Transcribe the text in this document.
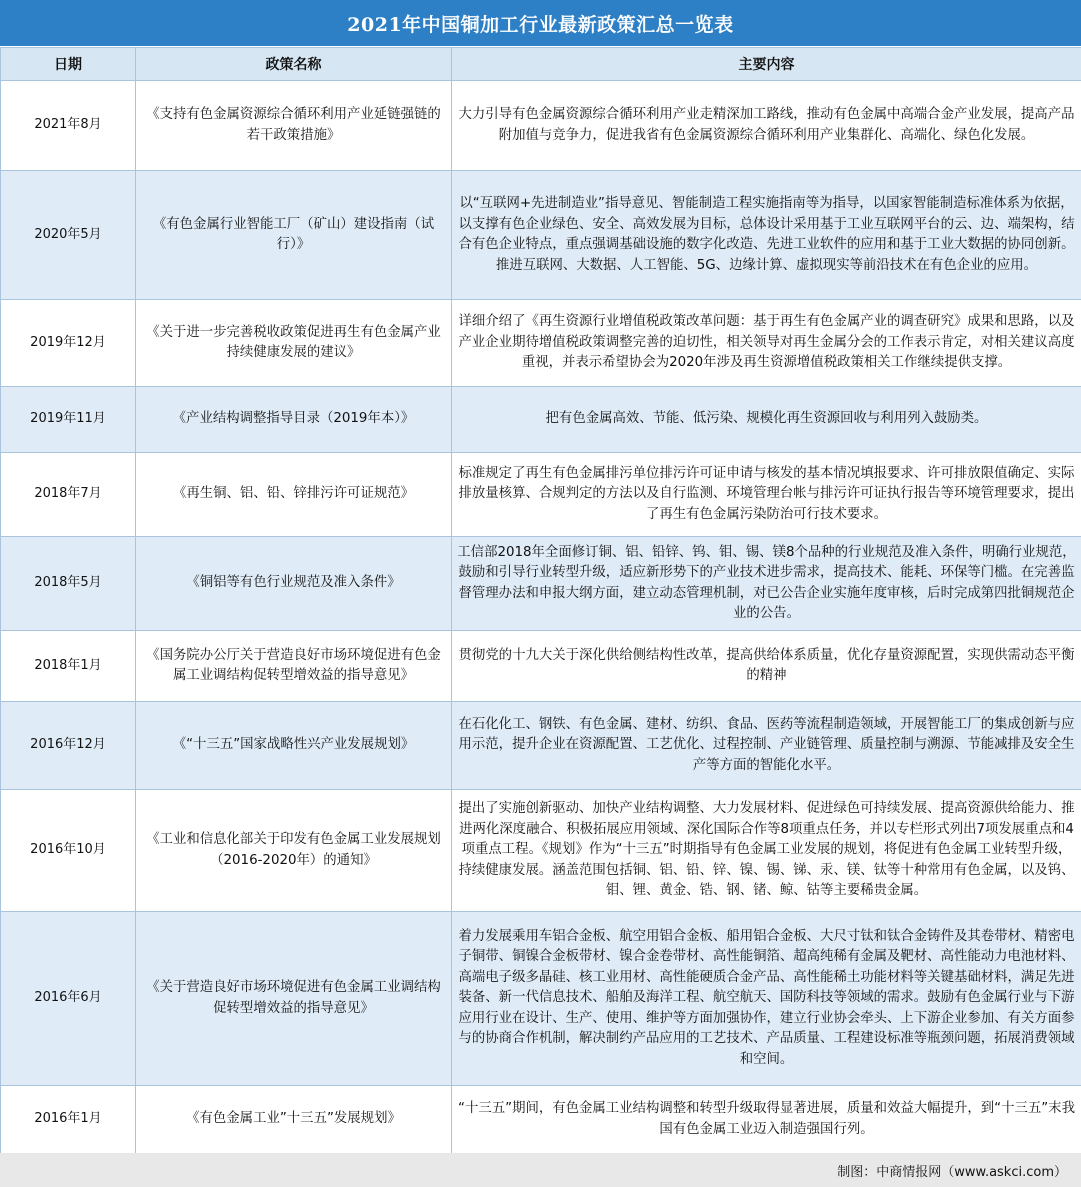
2021年中国铜加工行业最新政策汇总一览表
日期	政策名称	主要内容
2021年8月	《支持有色金属资源综合循环利用产业延链强链的若干政策措施》	大力引导有色金属资源综合循环利用产业走精深加工路线，推动有色金属中高端合金产业发展，提高产品附加值与竞争力，促进我省有色金属资源综合循环利用产业集群化、高端化、绿色化发展。
2020年5月	《有色金属行业智能工厂（矿山）建设指南（试行）》	以“互联网+先进制造业”指导意见、智能制造工程实施指南等为指导，以国家智能制造标准体系为依据，以支撑有色企业绿色、安全、高效发展为目标，总体设计采用基于工业互联网平台的云、边、端架构，结合有色企业特点，重点强调基础设施的数字化改造、先进工业软件的应用和基于工业大数据的协同创新。推进互联网、大数据、人工智能、5G、边缘计算、虚拟现实等前沿技术在有色企业的应用。
2019年12月	《关于进一步完善税收政策促进再生有色金属产业持续健康发展的建议》	详细介绍了《再生资源行业增值税政策改革问题：基于再生有色金属产业的调查研究》成果和思路，以及产业企业期待增值税政策调整完善的迫切性，相关领导对再生金属分会的工作表示肯定，对相关建议高度重视，并表示希望协会为2020年涉及再生资源增值税政策相关工作继续提供支撑。
2019年11月	《产业结构调整指导目录（2019年本）》	把有色金属高效、节能、低污染、规模化再生资源回收与利用列入鼓励类。
2018年7月	《再生铜、铝、铅、锌排污许可证规范》	标准规定了再生有色金属排污单位排污许可证申请与核发的基本情况填报要求、许可排放限值确定、实际排放量核算、合规判定的方法以及自行监测、环境管理台帐与排污许可证执行报告等环境管理要求，提出了再生有色金属污染防治可行技术要求。
2018年5月	《铜铝等有色行业规范及准入条件》	工信部2018年全面修订铜、铝、铅锌、钨、钼、锡、镁8个品种的行业规范及准入条件，明确行业规范，鼓励和引导行业转型升级，适应新形势下的产业技术进步需求，提高技术、能耗、环保等门槛。在完善监督管理办法和申报大纲方面，建立动态管理机制，对已公告企业实施年度审核，后时完成第四批铜规范企业的公告。
2018年1月	《国务院办公厅关于营造良好市场环境促进有色金属工业调结构促转型增效益的指导意见》	贯彻党的十九大关于深化供给侧结构性改革，提高供给体系质量，优化存量资源配置，实现供需动态平衡的精神
2016年12月	《“十三五”国家战略性兴产业发展规划》	在石化化工、钢铁、有色金属、建材、纺织、食品、医药等流程制造领域，开展智能工厂的集成创新与应用示范，提升企业在资源配置、工艺优化、过程控制、产业链管理、质量控制与溯源、节能减排及安全生产等方面的智能化水平。
2016年10月	《工业和信息化部关于印发有色金属工业发展规划（2016-2020年）的通知》	提出了实施创新驱动、加快产业结构调整、大力发展材料、促进绿色可持续发展、提高资源供给能力、推进两化深度融合、积极拓展应用领域、深化国际合作等8项重点任务，并以专栏形式列出7项发展重点和4项重点工程。《规划》作为“十三五”时期指导有色金属工业发展的规划，将促进有色金属工业转型升级，持续健康发展。涵盖范围包括铜、铝、铅、锌、镍、锡、锑、汞、镁、钛等十种常用有色金属，以及钨、钼、锂、黄金、锆、钢、锗、鲸、钴等主要稀贵金属。
2016年6月	《关于营造良好市场环境促进有色金属工业调结构促转型增效益的指导意见》	着力发展乘用车铝合金板、航空用铝合金板、船用铝合金板、大尺寸钛和钛合金铸件及其卷带材、精密电子铜带、铜镍合金板带材、镍合金卷带材、高性能铜箔、超高纯稀有金属及靶材、高性能动力电池材料、高端电子级多晶硅、核工业用材、高性能硬质合金产品、高性能稀土功能材料等关键基础材料，满足先进装备、新一代信息技术、船舶及海洋工程、航空航天、国防科技等领域的需求。鼓励有色金属行业与下游应用行业在设计、生产、使用、维护等方面加强协作，建立行业协会牵头、上下游企业参加、有关方面参与的协商合作机制，解决制约产品应用的工艺技术、产品质量、工程建设标准等瓶颈问题，拓展消费领域和空间。
2016年1月	《有色金属工业”十三五”发展规划》	“十三五”期间，有色金属工业结构调整和转型升级取得显著进展，质量和效益大幅提升，到“十三五”末我国有色金属工业迈入制造强国行列。
制图：中商情报网（www.askci.com）
